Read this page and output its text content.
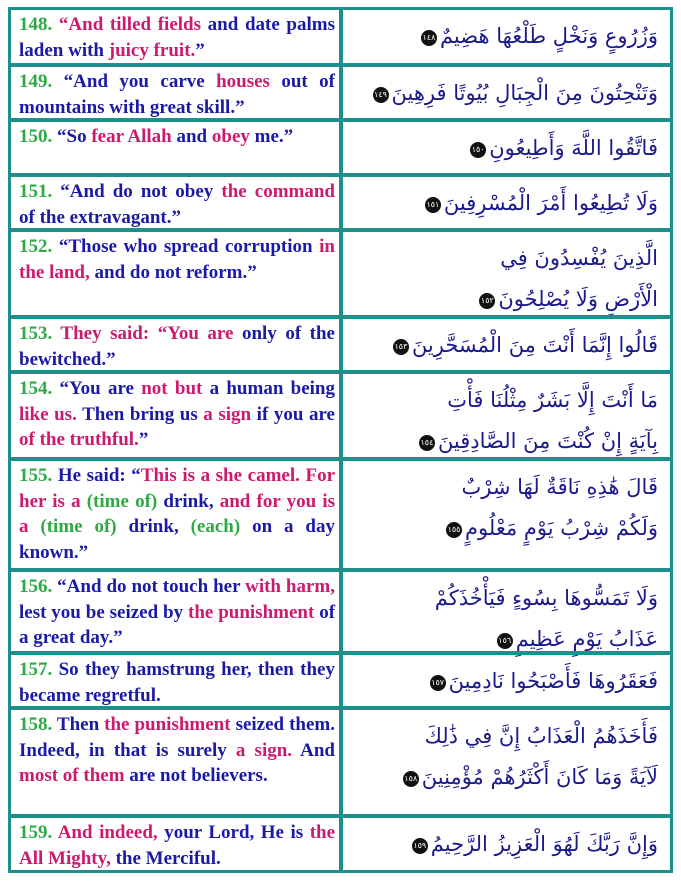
148. “And tilled fields and date palms laden with juicy fruit.”
وَزُرُوعٍ وَنَخْلٍ طَلْعُهَا هَضِيمٌ١٤٨
149. “And you carve houses out of mountains with great skill.”
وَتَنْحِتُونَ مِنَ الْجِبَالِ بُيُوتًا فَرِهِينَ١٤٩
150. “So fear Allah and obey me.”	فَاتَّقُوا اللَّهَ وَأَطِيعُونِ١٥٠
151. “And do not obey the command of the extravagant.”
وَلَا تُطِيعُوا أَمْرَ الْمُسْرِفِينَ١٥١
152. “Those who spread corruption in the land, and do not reform.”
الَّذِينَ يُفْسِدُونَ فِي
الْأَرْضِ وَلَا يُصْلِحُونَ١٥٢
153. They said: “You are only of the bewitched.”
قَالُوا إِنَّمَا أَنْتَ مِنَ الْمُسَحَّرِينَ١٥٣
154. “You are not but a human being like us. Then bring us a sign if you are of the truthful.”
مَا أَنْتَ إِلَّا بَشَرٌ مِثْلُنَا فَأْتِ
بِآيَةٍ إِنْ كُنْتَ مِنَ الصَّادِقِينَ١٥٤
155. He said: “This is a she camel. For her is a (time of) drink, and for you is a (time of) drink, (each) on a day known.”
قَالَ هَٰذِهِ نَاقَةٌ لَهَا شِرْبٌ
وَلَكُمْ شِرْبُ يَوْمٍ مَعْلُومٍ١٥٥
156. “And do not touch her with harm, lest you be seized by the punishment of a great day.”
وَلَا تَمَسُّوهَا بِسُوءٍ فَيَأْخُذَكُمْ
عَذَابُ يَوْمٍ عَظِيمٍ١٥٦
157. So they hamstrung her, then they became regretful.
فَعَقَرُوهَا فَأَصْبَحُوا نَادِمِينَ١٥٧
158. Then the punishment seized them. Indeed, in that is surely a sign. And most of them are not believers.
فَأَخَذَهُمُ الْعَذَابُ إِنَّ فِي ذَٰلِكَ
لَآيَةً وَمَا كَانَ أَكْثَرُهُمْ مُؤْمِنِينَ١٥٨
159. And indeed, your Lord, He is the All Mighty, the Merciful.
وَإِنَّ رَبَّكَ لَهُوَ الْعَزِيزُ الرَّحِيمُ١٥٩
